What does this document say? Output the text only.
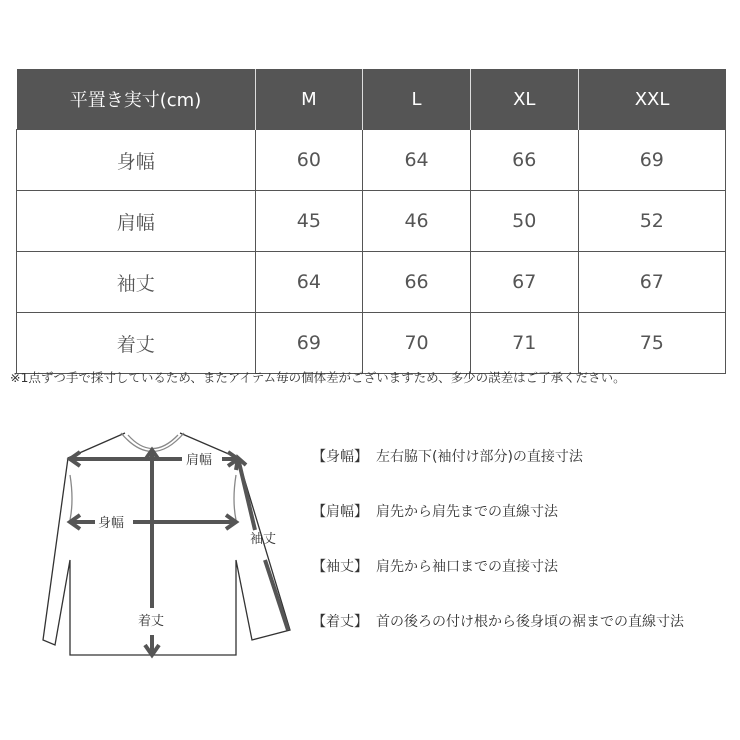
平置き実寸(cm)	M	L	XL	XXL
身幅	60	64	66	69
肩幅	45	46	50	52
袖丈	64	66	67	67
着丈	69	70	71	75
※1点ずつ手で採寸しているため、またアイテム毎の個体差がございますため、多少の誤差はご了承ください。
肩幅
身幅
袖丈
着丈
【身幅】 左右脇下(袖付け部分)の直接寸法
【肩幅】 肩先から肩先までの直線寸法
【袖丈】 肩先から袖口までの直接寸法
【着丈】 首の後ろの付け根から後身頃の裾までの直線寸法
